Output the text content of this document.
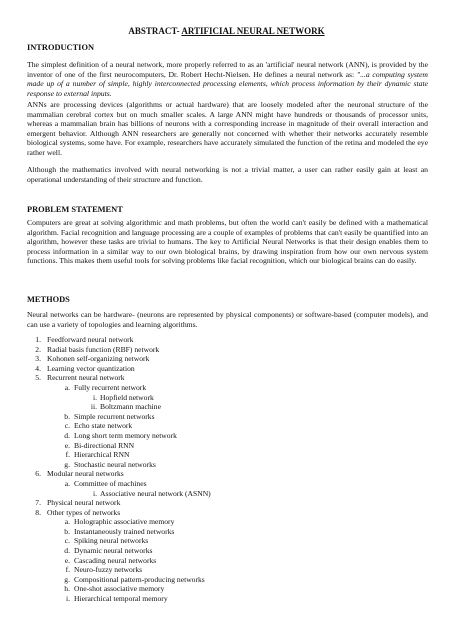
ABSTRACT- ARTIFICIAL NEURAL NETWORK
INTRODUCTION

The simplest definition of a neural network, more properly referred to as an 'artificial' neural network (ANN), is provided by the inventor of one of the first neurocomputers, Dr. Robert Hecht-Nielsen. He defines a neural network as: "...a computing system made up of a number of simple, highly interconnected processing elements, which process information by their dynamic state response to external inputs.

ANNs are processing devices (algorithms or actual hardware) that are loosely modeled after the neuronal structure of the mammalian cerebral cortex but on much smaller scales. A large ANN might have hundreds or thousands of processor units, whereas a mammalian brain has billions of neurons with a corresponding increase in magnitude of their overall interaction and emergent behavior. Although ANN researchers are generally not concerned with whether their networks accurately resemble biological systems, some have. For example, researchers have accurately simulated the function of the retina and modeled the eye rather well.

Although the mathematics involved with neural networking is not a trivial matter, a user can rather easily gain at least an operational understanding of their structure and function.

PROBLEM STATEMENT

Computers are great at solving algorithmic and math problems, but often the world can't easily be defined with a mathematical algorithm. Facial recognition and language processing are a couple of examples of problems that can't easily be quantified into an algorithm, however these tasks are trivial to humans. The key to Artificial Neural Networks is that their design enables them to process information in a similar way to our own biological brains, by drawing inspiration from how our own nervous system functions. This makes them useful tools for solving problems like facial recognition, which our biological brains can do easily.

METHODS

Neural networks can be hardware- (neurons are represented by physical components) or software-based (computer models), and can use a variety of topologies and learning algorithms.

1. Feedforward neural network
2. Radial basis function (RBF) network
3. Kohonen self-organizing network
4. Learning vector quantization
5. Recurrent neural network
a. Fully recurrent network
i. Hopfield network
ii. Boltzmann machine
b. Simple recurrent networks
c. Echo state network
d. Long short term memory network
e. Bi-directional RNN
f. Hierarchical RNN
g. Stochastic neural networks
6. Modular neural networks
a. Committee of machines
i. Associative neural network (ASNN)
7. Physical neural network
8. Other types of networks
a. Holographic associative memory
b. Instantaneously trained networks
c. Spiking neural networks
d. Dynamic neural networks
e. Cascading neural networks
f. Neuro-fuzzy networks
g. Compositional pattern-producing networks
h. One-shot associative memory
i. Hierarchical temporal memory
